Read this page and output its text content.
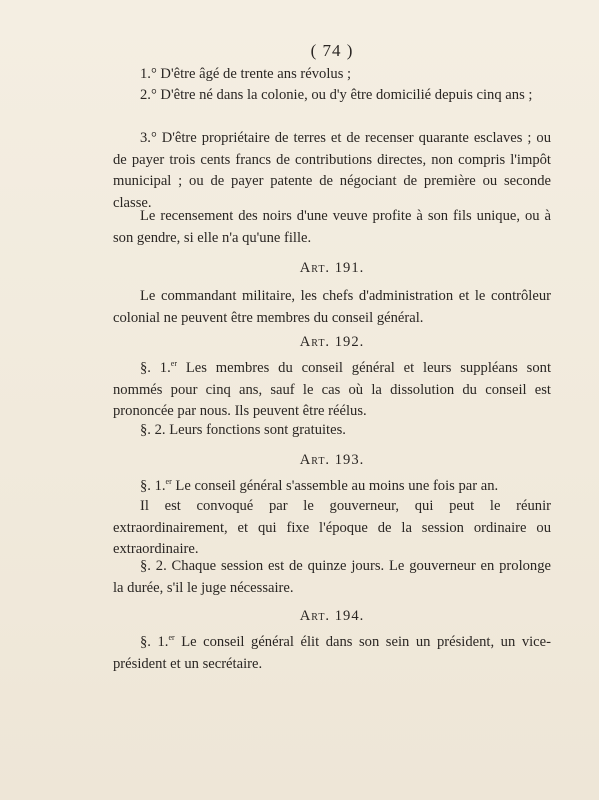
( 74 )

1.° D'être âgé de trente ans révolus ;

2.° D'être né dans la colonie, ou d'y être domicilié depuis cinq ans ;

3.° D'être propriétaire de terres et de recenser quarante esclaves ; ou de payer trois cents francs de contributions directes, non compris l'impôt municipal ; ou de payer patente de négociant de première ou seconde classe.

Le recensement des noirs d'une veuve profite à son fils unique, ou à son gendre, si elle n'a qu'une fille.

Art. 191.

Le commandant militaire, les chefs d'administration et le contrôleur colonial ne peuvent être membres du conseil général.

Art. 192.

§. 1.$^{er}$ Les membres du conseil général et leurs suppléans sont nommés pour cinq ans, sauf le cas où la dissolution du conseil est prononcée par nous. Ils peuvent être réélus.

§. 2. Leurs fonctions sont gratuites.

Art. 193.

§. 1.$^{er}$ Le conseil général s'assemble au moins une fois par an.

Il est convoqué par le gouverneur, qui peut le réunir extraordinairement, et qui fixe l'époque de la session ordinaire ou extraordinaire.

§. 2. Chaque session est de quinze jours. Le gouverneur en prolonge la durée, s'il le juge nécessaire.

Art. 194.

§. 1.$^{er}$ Le conseil général élit dans son sein un président, un vice-président et un secrétaire.
